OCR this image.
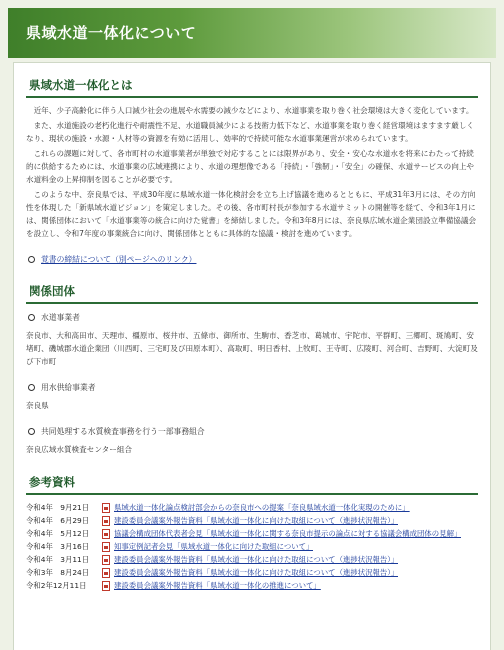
県域水道一体化について
県域水道一体化とは

近年、少子高齢化に伴う人口減少社会の進展や水需要の減少などにより、水道事業を取り巻く社会環境は大きく変化しています。

また、水道施設の老朽化進行や耐震性不足、水道職員減少による技術力低下など、水道事業を取り巻く経営環境はますます厳しくなり、現状の施設・水源・人材等の資源を有効に活用し、効率的で持続可能な水道事業運営が求められています。

これらの課題に対して、各市町村の水道事業者が単独で対応することには限界があり、安全・安心な水道水を将来にわたって持続的に供給するためには、水道事業の広域連携により、水道の理想像である「持続」・「強靭」・「安全」の確保、水道サービスの向上や水道料金の上昇抑制を図ることが必要です。

このような中、奈良県では、平成30年度に県域水道一体化検討会を立ち上げ協議を進めるとともに、平成31年3月には、その方向性を体現した「新県域水道ビジョン」を策定しました。その後、各市町村長が参加する水道サミットの開催等を経て、令和3年1月には、関係団体において「水道事業等の統合に向けた覚書」を締結しました。令和3年8月には、奈良県広域水道企業団設立準備協議会を設立し、令和7年度の事業統合に向け、関係団体とともに具体的な協議・検討を進めています。

覚書の締結について（別ページへのリンク）
関係団体
水道事業者
奈良市、大和高田市、天理市、橿原市、桜井市、五條市、御所市、生駒市、香芝市、葛城市、宇陀市、平群町、三郷町、斑鳩町、安堵町、磯城郡水道企業団（川西町、三宅町及び田原本町）、高取町、明日香村、上牧町、王寺町、広陵町、河合町、吉野町、大淀町及び下市町
用水供給事業者
奈良県
共同処理する水質検査事務を行う一部事務組合
奈良広域水質検査センター組合
参考資料
令和4年　9月21日	県域水道一体化論点検討部会からの奈良市への提案「奈良県域水道一体化実現のために」
令和4年　6月29日	建設委員会議案外報告資料「県域水道一体化に向けた取組について（進捗状況報告）」
令和4年　5月12日	協議会構成団体代表者会見「県域水道一体化に関する奈良市提示の論点に対する協議会構成団体の見解」
令和4年　3月16日	知事定例記者会見「県域水道一体化に向けた取組について」
令和4年　3月11日	建設委員会議案外報告資料「県域水道一体化に向けた取組について（進捗状況報告）」
令和3年　8月24日	建設委員会議案外報告資料「県域水道一体化に向けた取組について（進捗状況報告）」
令和2年12月11日	建設委員会議案外報告資料「県域水道一体化の推進について」
